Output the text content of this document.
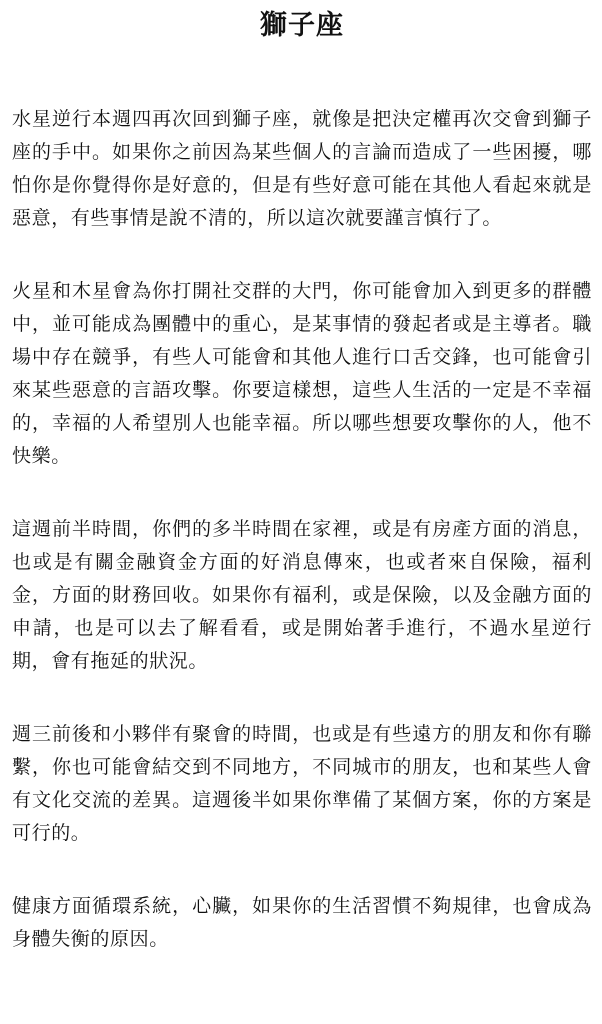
獅子座

水星逆行本週四再次回到獅子座，就像是把決定權再次交會到獅子座的手中。如果你之前因為某些個人的言論而造成了一些困擾，哪怕你是你覺得你是好意的，但是有些好意可能在其他人看起來就是惡意，有些事情是說不清的，所以這次就要謹言慎行了。

火星和木星會為你打開社交群的大門，你可能會加入到更多的群體中，並可能成為團體中的重心，是某事情的發起者或是主導者。職場中存在競爭，有些人可能會和其他人進行口舌交鋒，也可能會引來某些惡意的言語攻擊。你要這樣想，這些人生活的一定是不幸福的，幸福的人希望別人也能幸福。所以哪些想要攻擊你的人，他不快樂。

這週前半時間，你們的多半時間在家裡，或是有房產方面的消息，也或是有關金融資金方面的好消息傳來，也或者來自保險，福利金，方面的財務回收。如果你有福利，或是保險，以及金融方面的申請，也是可以去了解看看，或是開始著手進行，不過水星逆行期，會有拖延的狀況。

週三前後和小夥伴有聚會的時間，也或是有些遠方的朋友和你有聯繫，你也可能會結交到不同地方，不同城市的朋友，也和某些人會有文化交流的差異。這週後半如果你準備了某個方案，你的方案是可行的。

健康方面循環系統，心臟，如果你的生活習慣不夠規律，也會成為身體失衡的原因。
